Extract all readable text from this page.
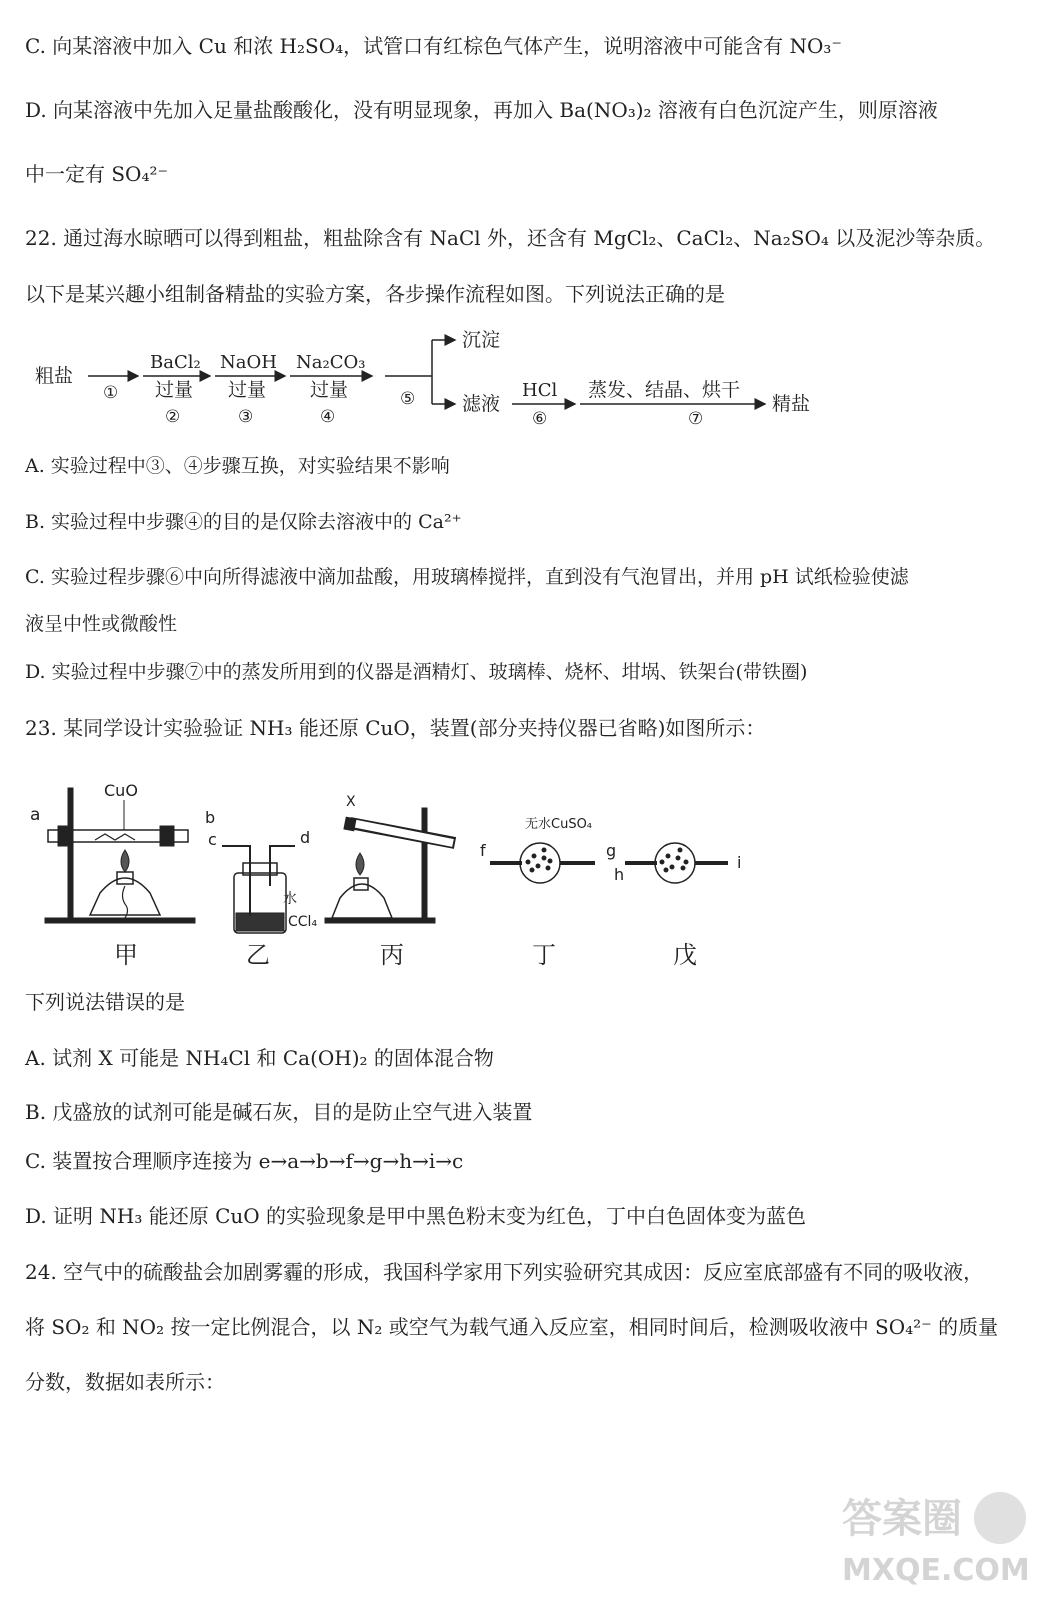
C. 向某溶液中加入 Cu 和浓 H₂SO₄，试管口有红棕色气体产生，说明溶液中可能含有 NO₃⁻
D. 向某溶液中先加入足量盐酸酸化，没有明显现象，再加入 Ba(NO₃)₂ 溶液有白色沉淀产生，则原溶液
中一定有 SO₄²⁻
22. 通过海水晾晒可以得到粗盐，粗盐除含有 NaCl 外，还含有 MgCl₂、CaCl₂、Na₂SO₄ 以及泥沙等杂质。
以下是某兴趣小组制备精盐的实验方案，各步操作流程如图。下列说法正确的是
粗盐
①
BaCl₂
过量
②
NaOH
过量
③
Na₂CO₃
过量
④
⑤
沉淀
滤液
HCl
⑥
蒸发、结晶、烘干
⑦
精盐
A. 实验过程中③、④步骤互换，对实验结果不影响
B. 实验过程中步骤④的目的是仅除去溶液中的 Ca²⁺
C. 实验过程步骤⑥中向所得滤液中滴加盐酸，用玻璃棒搅拌，直到没有气泡冒出，并用 pH 试纸检验使滤
液呈中性或微酸性
D. 实验过程中步骤⑦中的蒸发所用到的仪器是酒精灯、玻璃棒、烧杯、坩埚、铁架台(带铁圈)
23. 某同学设计实验验证 NH₃ 能还原 CuO，装置(部分夹持仪器已省略)如图所示：
CuO
a	b
c	d
水
CCl₄
X
无水CuSO₄
f	g
h
i
甲	乙	丙	丁	戊
下列说法错误的是
A. 试剂 X 可能是 NH₄Cl 和 Ca(OH)₂ 的固体混合物
B. 戊盛放的试剂可能是碱石灰，目的是防止空气进入装置
C. 装置按合理顺序连接为 e→a→b→f→g→h→i→c
D. 证明 NH₃ 能还原 CuO 的实验现象是甲中黑色粉末变为红色，丁中白色固体变为蓝色
24. 空气中的硫酸盐会加剧雾霾的形成，我国科学家用下列实验研究其成因：反应室底部盛有不同的吸收液，
将 SO₂ 和 NO₂ 按一定比例混合，以 N₂ 或空气为载气通入反应室，相同时间后，检测吸收液中 SO₄²⁻ 的质量
分数，数据如表所示：
答案圈
MXQE.COM
